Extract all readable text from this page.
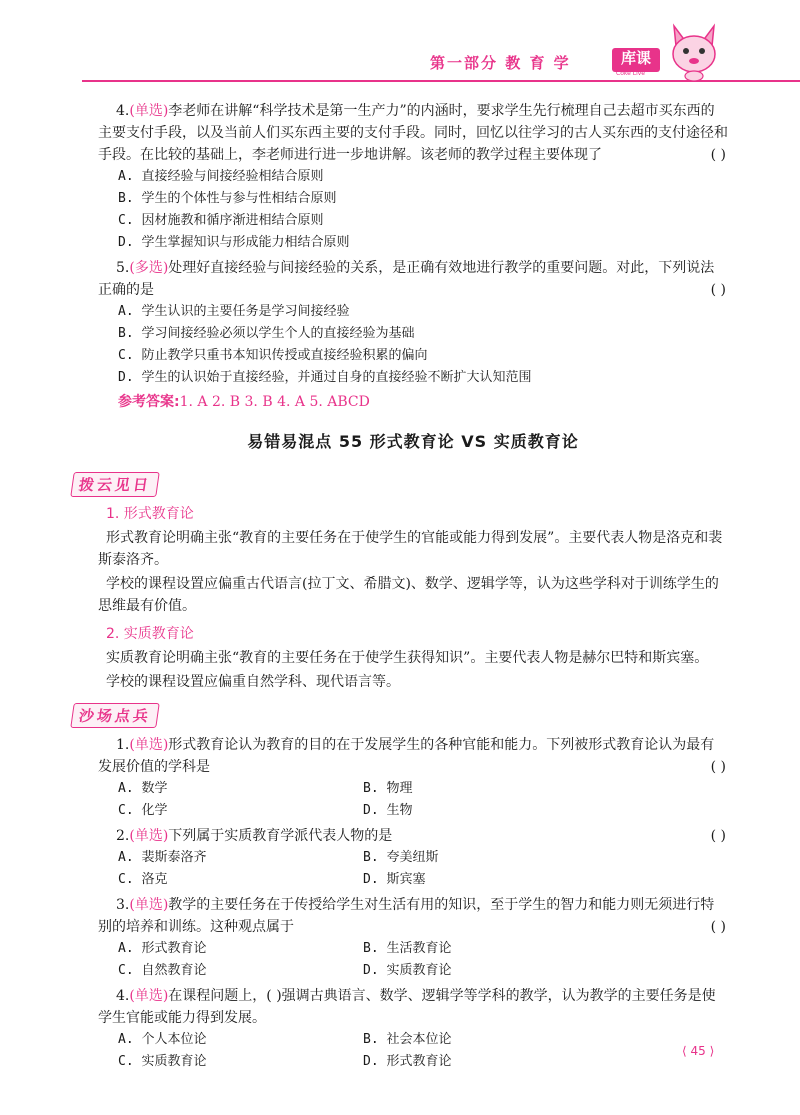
第一部分 教 育 学	库课
Coke Live

4.(单选)李老师在讲解“科学技术是第一生产力”的内涵时，要求学生先行梳理自己去超市买东西的主要支付手段，以及当前人们买东西主要的支付手段。同时，回忆以往学习的古人买东西的支付途径和手段。在比较的基础上，李老师进行进一步地讲解。该老师的教学过程主要体现了	( )

A. 直接经验与间接经验相结合原则
B. 学生的个体性与参与性相结合原则
C. 因材施教和循序渐进相结合原则
D. 学生掌握知识与形成能力相结合原则

5.(多选)处理好直接经验与间接经验的关系，是正确有效地进行教学的重要问题。对此，下列说法正确的是	( )

A. 学生认识的主要任务是学习间接经验
B. 学习间接经验必须以学生个人的直接经验为基础
C. 防止教学只重书本知识传授或直接经验积累的偏向
D. 学生的认识始于直接经验，并通过自身的直接经验不断扩大认知范围

参考答案:1. A 2. B 3. B 4. A 5. ABCD

易错易混点 55 形式教育论 VS 实质教育论
拨云见日
1. 形式教育论

形式教育论明确主张“教育的主要任务在于使学生的官能或能力得到发展”。主要代表人物是洛克和裴斯泰洛齐。

学校的课程设置应偏重古代语言(拉丁文、希腊文)、数学、逻辑学等，认为这些学科对于训练学生的思维最有价值。

2. 实质教育论

实质教育论明确主张“教育的主要任务在于使学生获得知识”。主要代表人物是赫尔巴特和斯宾塞。

学校的课程设置应偏重自然学科、现代语言等。

沙场点兵

1.(单选)形式教育论认为教育的目的在于发展学生的各种官能和能力。下列被形式教育论认为最有发展价值的学科是	( )

A. 数学	B. 物理
C. 化学	D. 生物

2.(单选)下列属于实质教育学派代表人物的是	( )

A. 裴斯泰洛齐	B. 夸美纽斯
C. 洛克	D. 斯宾塞

3.(单选)教学的主要任务在于传授给学生对生活有用的知识，至于学生的智力和能力则无须进行特别的培养和训练。这种观点属于	( )

A. 形式教育论	B. 生活教育论
C. 自然教育论	D. 实质教育论

4.(单选)在课程问题上，( )强调古典语言、数学、逻辑学等学科的教学，认为教学的主要任务是使学生官能或能力得到发展。

A. 个人本位论	B. 社会本位论
C. 实质教育论	D. 形式教育论
⟨ 45 ⟩
